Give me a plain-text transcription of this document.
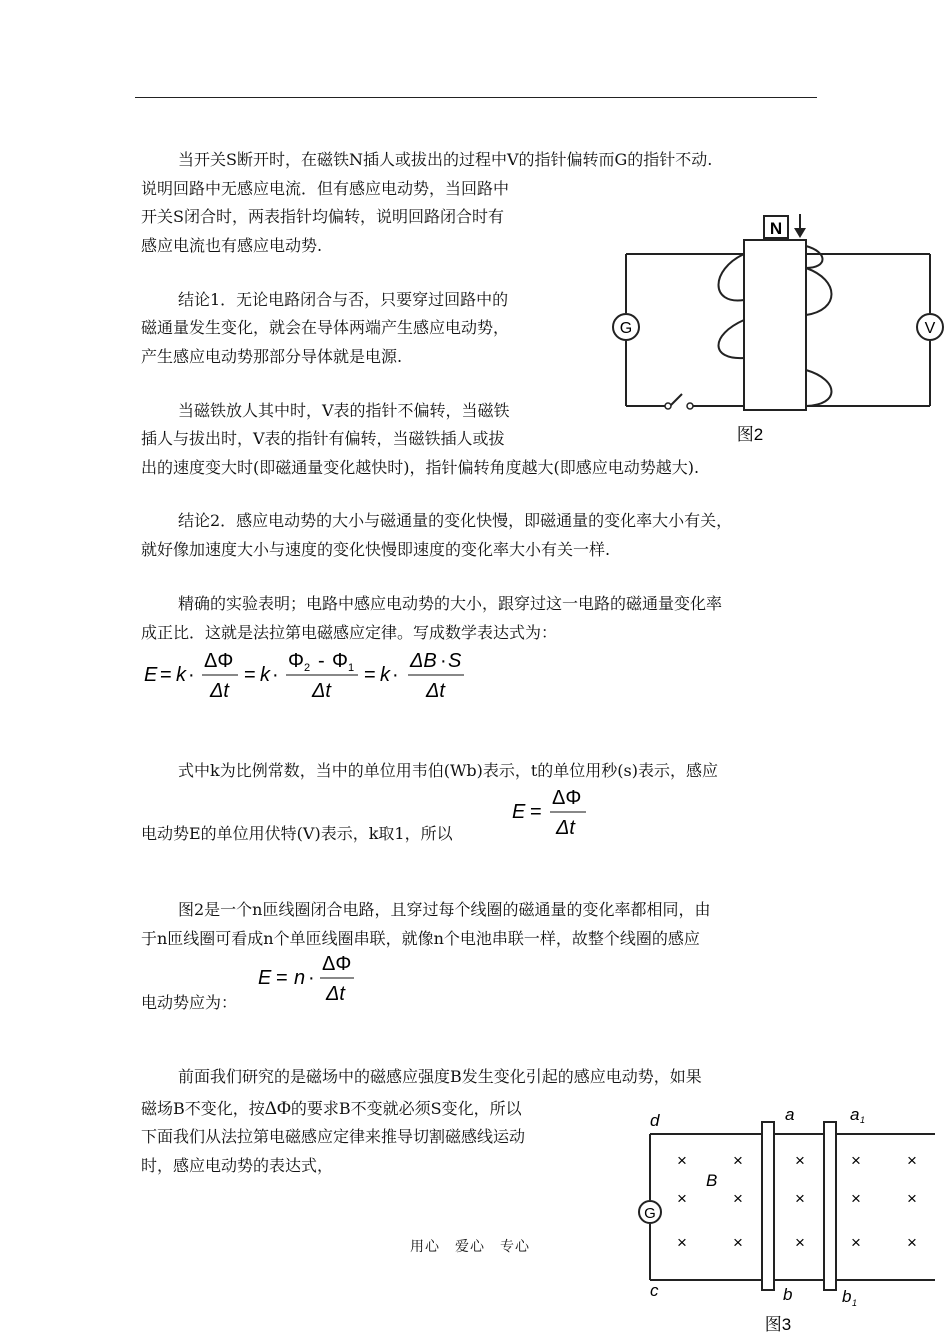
当开关S断开时，在磁铁N插人或拔出的过程中V的指针偏转而G的指针不动.
说明回路中无感应电流．但有感应电动势，当回路中
开关S闭合时，两表指针均偏转，说明回路闭合时有
感应电流也有感应电动势.
结论1．无论电路闭合与否，只要穿过回路中的
磁通量发生变化，就会在导体两端产生感应电动势，
产生感应电动势那部分导体就是电源.
当磁铁放人其中时，V表的指针不偏转，当磁铁
插人与拔出时，V表的指针有偏转，当磁铁插人或拔
出的速度变大时(即磁通量变化越快时)，指针偏转角度越大(即感应电动势越大).
结论2．感应电动势的大小与磁通量的变化快慢，即磁通量的变化率大小有关，
就好像加速度大小与速度的变化快慢即速度的变化率大小有关一样.
精确的实验表明；电路中感应电动势的大小，跟穿过这一电路的磁通量变化率
成正比．这就是法拉第电磁感应定律。写成数学表达式为：
E = k ·
ΔΦ
Δt
= k ·
Φ 2 - Φ 1
Δt
= k ·
ΔB · S
Δt
式中k为比例常数，当中的单位用韦伯(Wb)表示，t的单位用秒(s)表示，感应
电动势E的单位用伏特(V)表示，k取1，所以
E =
ΔΦ
Δt
图2是一个n匝线圈闭合电路，且穿过每个线圈的磁通量的变化率都相同，由
于n匝线圈可看成n个单匝线圈串联，就像n个电池串联一样，故整个线圈的感应
电动势应为：
E = n ·
ΔΦ
Δt
前面我们研究的是磁场中的磁感应强度B发生变化引起的感应电动势，如果
磁场B不变化，按ΔΦ的要求B不变就必须S变化，所以
下面我们从法拉第电磁感应定律来推导切割磁感线运动
时，感应电动势的表达式，
G	V
N
图2
G
d
c
a	a 1
b	b 1
B
×	×	×	×	×
×	×	×	×	×
×	×	×	×	×
图3
用心　爱心　专心
